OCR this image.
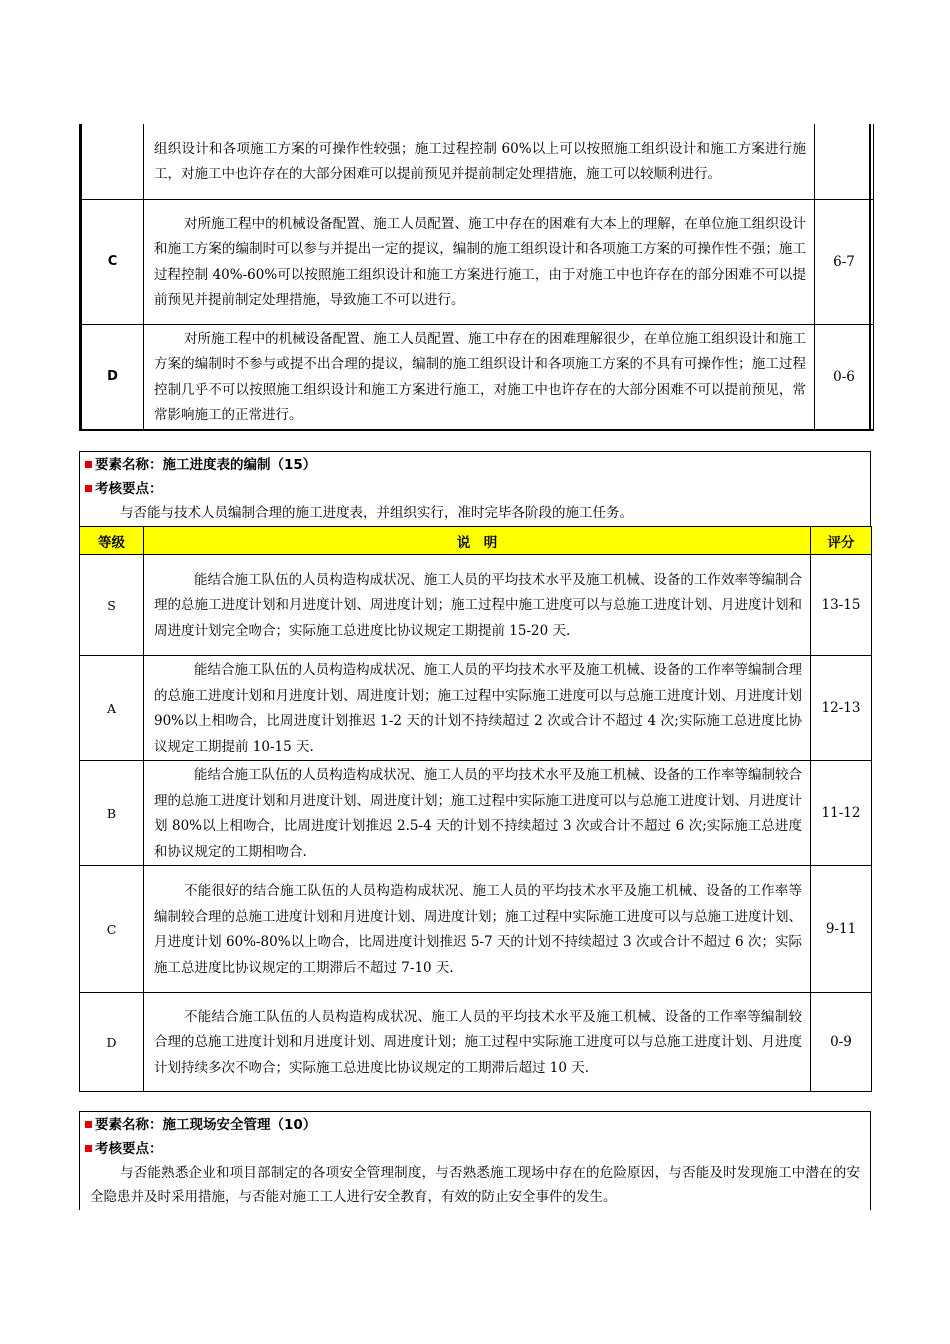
	组织设计和各项施工方案的可操作性较强；施工过程控制 60%以上可以按照施工组织设计和施工方案进行施工，对施工中也许存在的大部分困难可以提前预见并提前制定处理措施，施工可以较顺利进行。	
C	对所施工程中的机械设备配置、施工人员配置、施工中存在的困难有大本上的理解，在单位施工组织设计和施工方案的编制时可以参与并提出一定的提议，编制的施工组织设计和各项施工方案的可操作性不强；施工过程控制 40%-60%可以按照施工组织设计和施工方案进行施工，由于对施工中也许存在的部分困难不可以提前预见并提前制定处理措施，导致施工不可以进行。	6-7
D	对所施工程中的机械设备配置、施工人员配置、施工中存在的困难理解很少，在单位施工组织设计和施工方案的编制时不参与或提不出合理的提议，编制的施工组织设计和各项施工方案的不具有可操作性；施工过程控制几乎不可以按照施工组织设计和施工方案进行施工，对施工中也许存在的大部分困难不可以提前预见，常常影响施工的正常进行。	0-6
要素名称：施工进度表的编制（15）
考核要点：
与否能与技术人员编制合理的施工进度表，并组织实行，准时完毕各阶段的施工任务。
等级	说　明	评分
S	能结合施工队伍的人员构造构成状况、施工人员的平均技术水平及施工机械、设备的工作效率等编制合理的总施工进度计划和月进度计划、周进度计划；施工过程中施工进度可以与总施工进度计划、月进度计划和周进度计划完全吻合；实际施工总进度比协议规定工期提前 15-20 天.	13-15
A	能结合施工队伍的人员构造构成状况、施工人员的平均技术水平及施工机械、设备的工作率等编制合理的总施工进度计划和月进度计划、周进度计划；施工过程中实际施工进度可以与总施工进度计划、月进度计划 90%以上相吻合，比周进度计划推迟 1-2 天的计划不持续超过 2 次或合计不超过 4 次;实际施工总进度比协议规定工期提前 10-15 天.	12-13
B	能结合施工队伍的人员构造构成状况、施工人员的平均技术水平及施工机械、设备的工作率等编制较合理的总施工进度计划和月进度计划、周进度计划；施工过程中实际施工进度可以与总施工进度计划、月进度计划 80%以上相吻合，比周进度计划推迟 2.5-4 天的计划不持续超过 3 次或合计不超过 6 次;实际施工总进度和协议规定的工期相吻合.	11-12
C	不能很好的结合施工队伍的人员构造构成状况、施工人员的平均技术水平及施工机械、设备的工作率等编制较合理的总施工进度计划和月进度计划、周进度计划；施工过程中实际施工进度可以与总施工进度计划、月进度计划 60%-80%以上吻合，比周进度计划推迟 5-7 天的计划不持续超过 3 次或合计不超过 6 次；实际施工总进度比协议规定的工期滞后不超过 7-10 天.	9-11
D	不能结合施工队伍的人员构造构成状况、施工人员的平均技术水平及施工机械、设备的工作率等编制较合理的总施工进度计划和月进度计划、周进度计划；施工过程中实际施工进度可以与总施工进度计划、月进度计划持续多次不吻合；实际施工总进度比协议规定的工期滞后超过 10 天.	0-9
要素名称：施工现场安全管理（10）
考核要点：
与否能熟悉企业和项目部制定的各项安全管理制度，与否熟悉施工现场中存在的危险原因，与否能及时发现施工中潜在的安全隐患并及时采用措施，与否能对施工工人进行安全教育，有效的防止安全事件的发生。
